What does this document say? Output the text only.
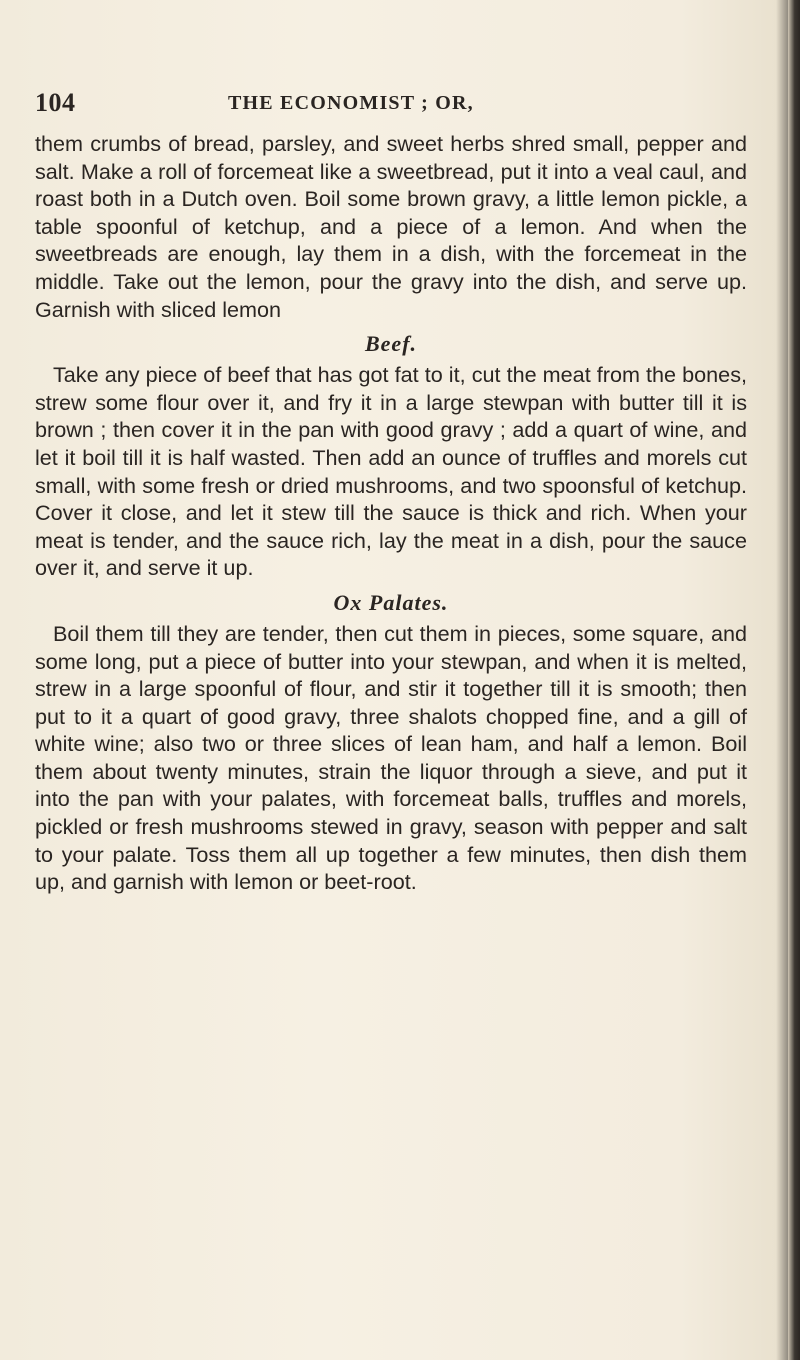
104	THE ECONOMIST ; OR,

them crumbs of bread, parsley, and sweet herbs shred small, pepper and salt. Make a roll of forcemeat like a sweetbread, put it into a veal caul, and roast both in a Dutch oven. Boil some brown gravy, a little lemon pickle, a table spoonful of ketchup, and a piece of a lemon. And when the sweetbreads are enough, lay them in a dish, with the forcemeat in the middle. Take out the lemon, pour the gravy into the dish, and serve up. Garnish with sliced lemon

Beef.

Take any piece of beef that has got fat to it, cut the meat from the bones, strew some flour over it, and fry it in a large stewpan with butter till it is brown ; then cover it in the pan with good gravy ; add a quart of wine, and let it boil till it is half wasted. Then add an ounce of truffles and morels cut small, with some fresh or dried mushrooms, and two spoonsful of ketchup. Cover it close, and let it stew till the sauce is thick and rich. When your meat is tender, and the sauce rich, lay the meat in a dish, pour the sauce over it, and serve it up.

Ox Palates.

Boil them till they are tender, then cut them in pieces, some square, and some long, put a piece of butter into your stewpan, and when it is melted, strew in a large spoonful of flour, and stir it together till it is smooth; then put to it a quart of good gravy, three shalots chopped fine, and a gill of white wine; also two or three slices of lean ham, and half a lemon. Boil them about twenty minutes, strain the liquor through a sieve, and put it into the pan with your palates, with forcemeat balls, truffles and morels, pickled or fresh mushrooms stewed in gravy, season with pepper and salt to your palate. Toss them all up together a few minutes, then dish them up, and garnish with lemon or beet-root.
